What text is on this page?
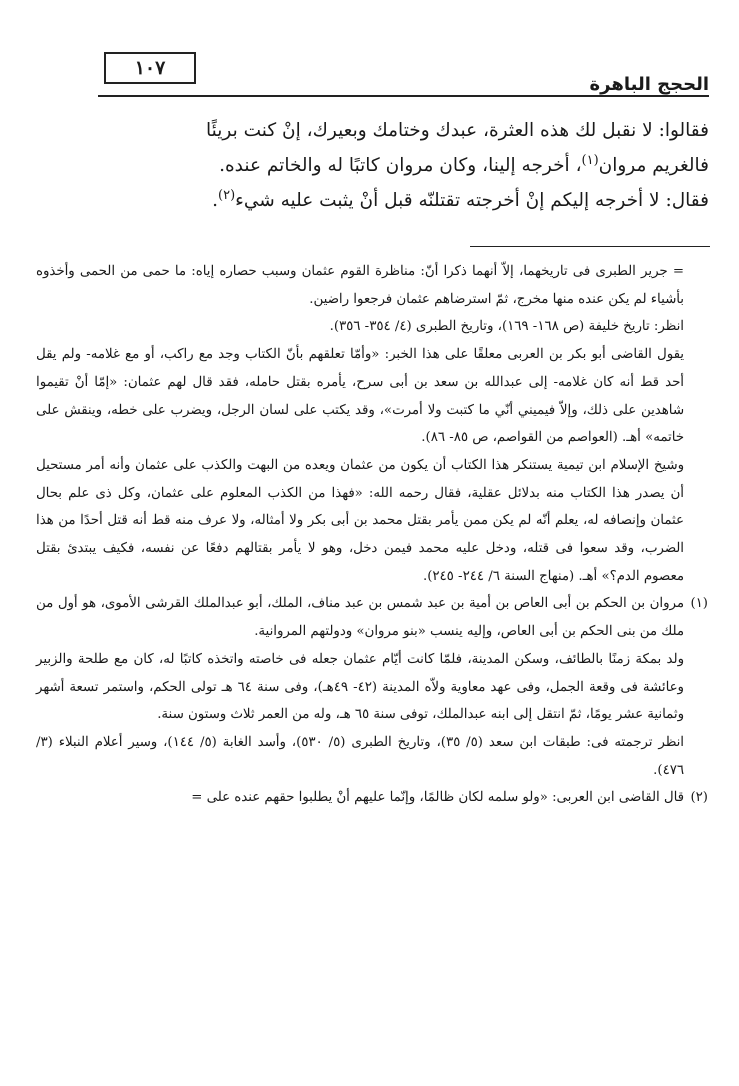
١٠٧
الحجج الباهرة

فقالوا: لا نقبل لك هذه العثرة، عبدك وختامك وبعيرك، إنْ كنت بريئًا

فالغريم مروان$^{(١)}$، أخرجه إلينا، وكان مروان كاتبًا له والخاتم عنده.

فقال: لا أخرجه إليكم إنْ أخرجته تقتلنّه قبل أنْ يثبت عليه شيء$^{(٢)}$.

= جرير الطبرى فى تاريخهما، إلاّ أنهما ذكرا أنّ: مناظرة القوم عثمان وسبب حصاره إياه: ما حمى من الحمى وأخذوه بأشياء لم يكن عنده منها مخرج، ثمّ استرضاهم عثمان فرجعوا راضين.

انظر: تاريخ خليفة (ص ١٦٨- ١٦٩)، وتاريخ الطبرى (٤/ ٣٥٤- ٣٥٦).

يقول القاضى أبو بكر بن العربى معلقًا على هذا الخبر: «وأمّا تعلقهم بأنّ الكتاب وجد مع راكب، أو مع غلامه- ولم يقل أحد قط أنه كان غلامه- إلى عبدالله بن سعد بن أبى سرح، يأمره بقتل حامله، فقد قال لهم عثمان: «إمّا أنْ تقيموا شاهدين على ذلك، وإلاّ فيميني أنّي ما كتبت ولا أمرت»، وقد يكتب على لسان الرجل، ويضرب على خطه، وينقش على خاتمه» أهـ. (العواصم من القواصم، ص ٨٥- ٨٦).

وشيخ الإسلام ابن تيمية يستنكر هذا الكتاب أن يكون من عثمان ويعده من البهت والكذب على عثمان وأنه أمر مستحيل أن يصدر هذا الكتاب منه بدلائل عقلية، فقال رحمه الله: «فهذا من الكذب المعلوم على عثمان، وكل ذى علم بحال عثمان وإنصافه له، يعلم أنّه لم يكن ممن يأمر بقتل محمد بن أبى بكر ولا أمثاله، ولا عرف منه قط أنه قتل أحدًا من هذا الضرب، وقد سعوا فى قتله، ودخل عليه محمد فيمن دخل، وهو لا يأمر بقتالهم دفعًا عن نفسه، فكيف يبتدئ بقتل معصوم الدم؟» أهـ. (منهاج السنة ٦/ ٢٤٤- ٢٤٥).

(١)

مروان بن الحكم بن أبى العاص بن أمية بن عبد شمس بن عبد مناف، الملك، أبو عبدالملك القرشى الأموى، هو أول من ملك من بنى الحكم بن أبى العاص، وإليه ينسب «بنو مروان» ودولتهم المروانية.

ولد بمكة زمنًا بالطائف، وسكن المدينة، فلمّا كانت أيّام عثمان جعله فى خاصته واتخذه كاتبًا له، كان مع طلحة والزبير وعائشة فى وقعة الجمل، وفى عهد معاوية ولاّه المدينة (٤٢- ٤٩هـ)، وفى سنة ٦٤ هـ تولى الحكم، واستمر تسعة أشهر وثمانية عشر يومًا، ثمّ انتقل إلى ابنه عبدالملك، توفى سنة ٦٥ هـ، وله من العمر ثلاث وستون سنة.

انظر ترجمته فى: طبقات ابن سعد (٥/ ٣٥)، وتاريخ الطبرى (٥/ ٥٣٠)، وأسد الغابة (٥/ ١٤٤)، وسير أعلام النبلاء (٣/ ٤٧٦).

(٢)

قال القاضى ابن العربى: «ولو سلمه لكان ظالمًا، وإنّما عليهم أنْ يطلبوا حقهم عنده على =
